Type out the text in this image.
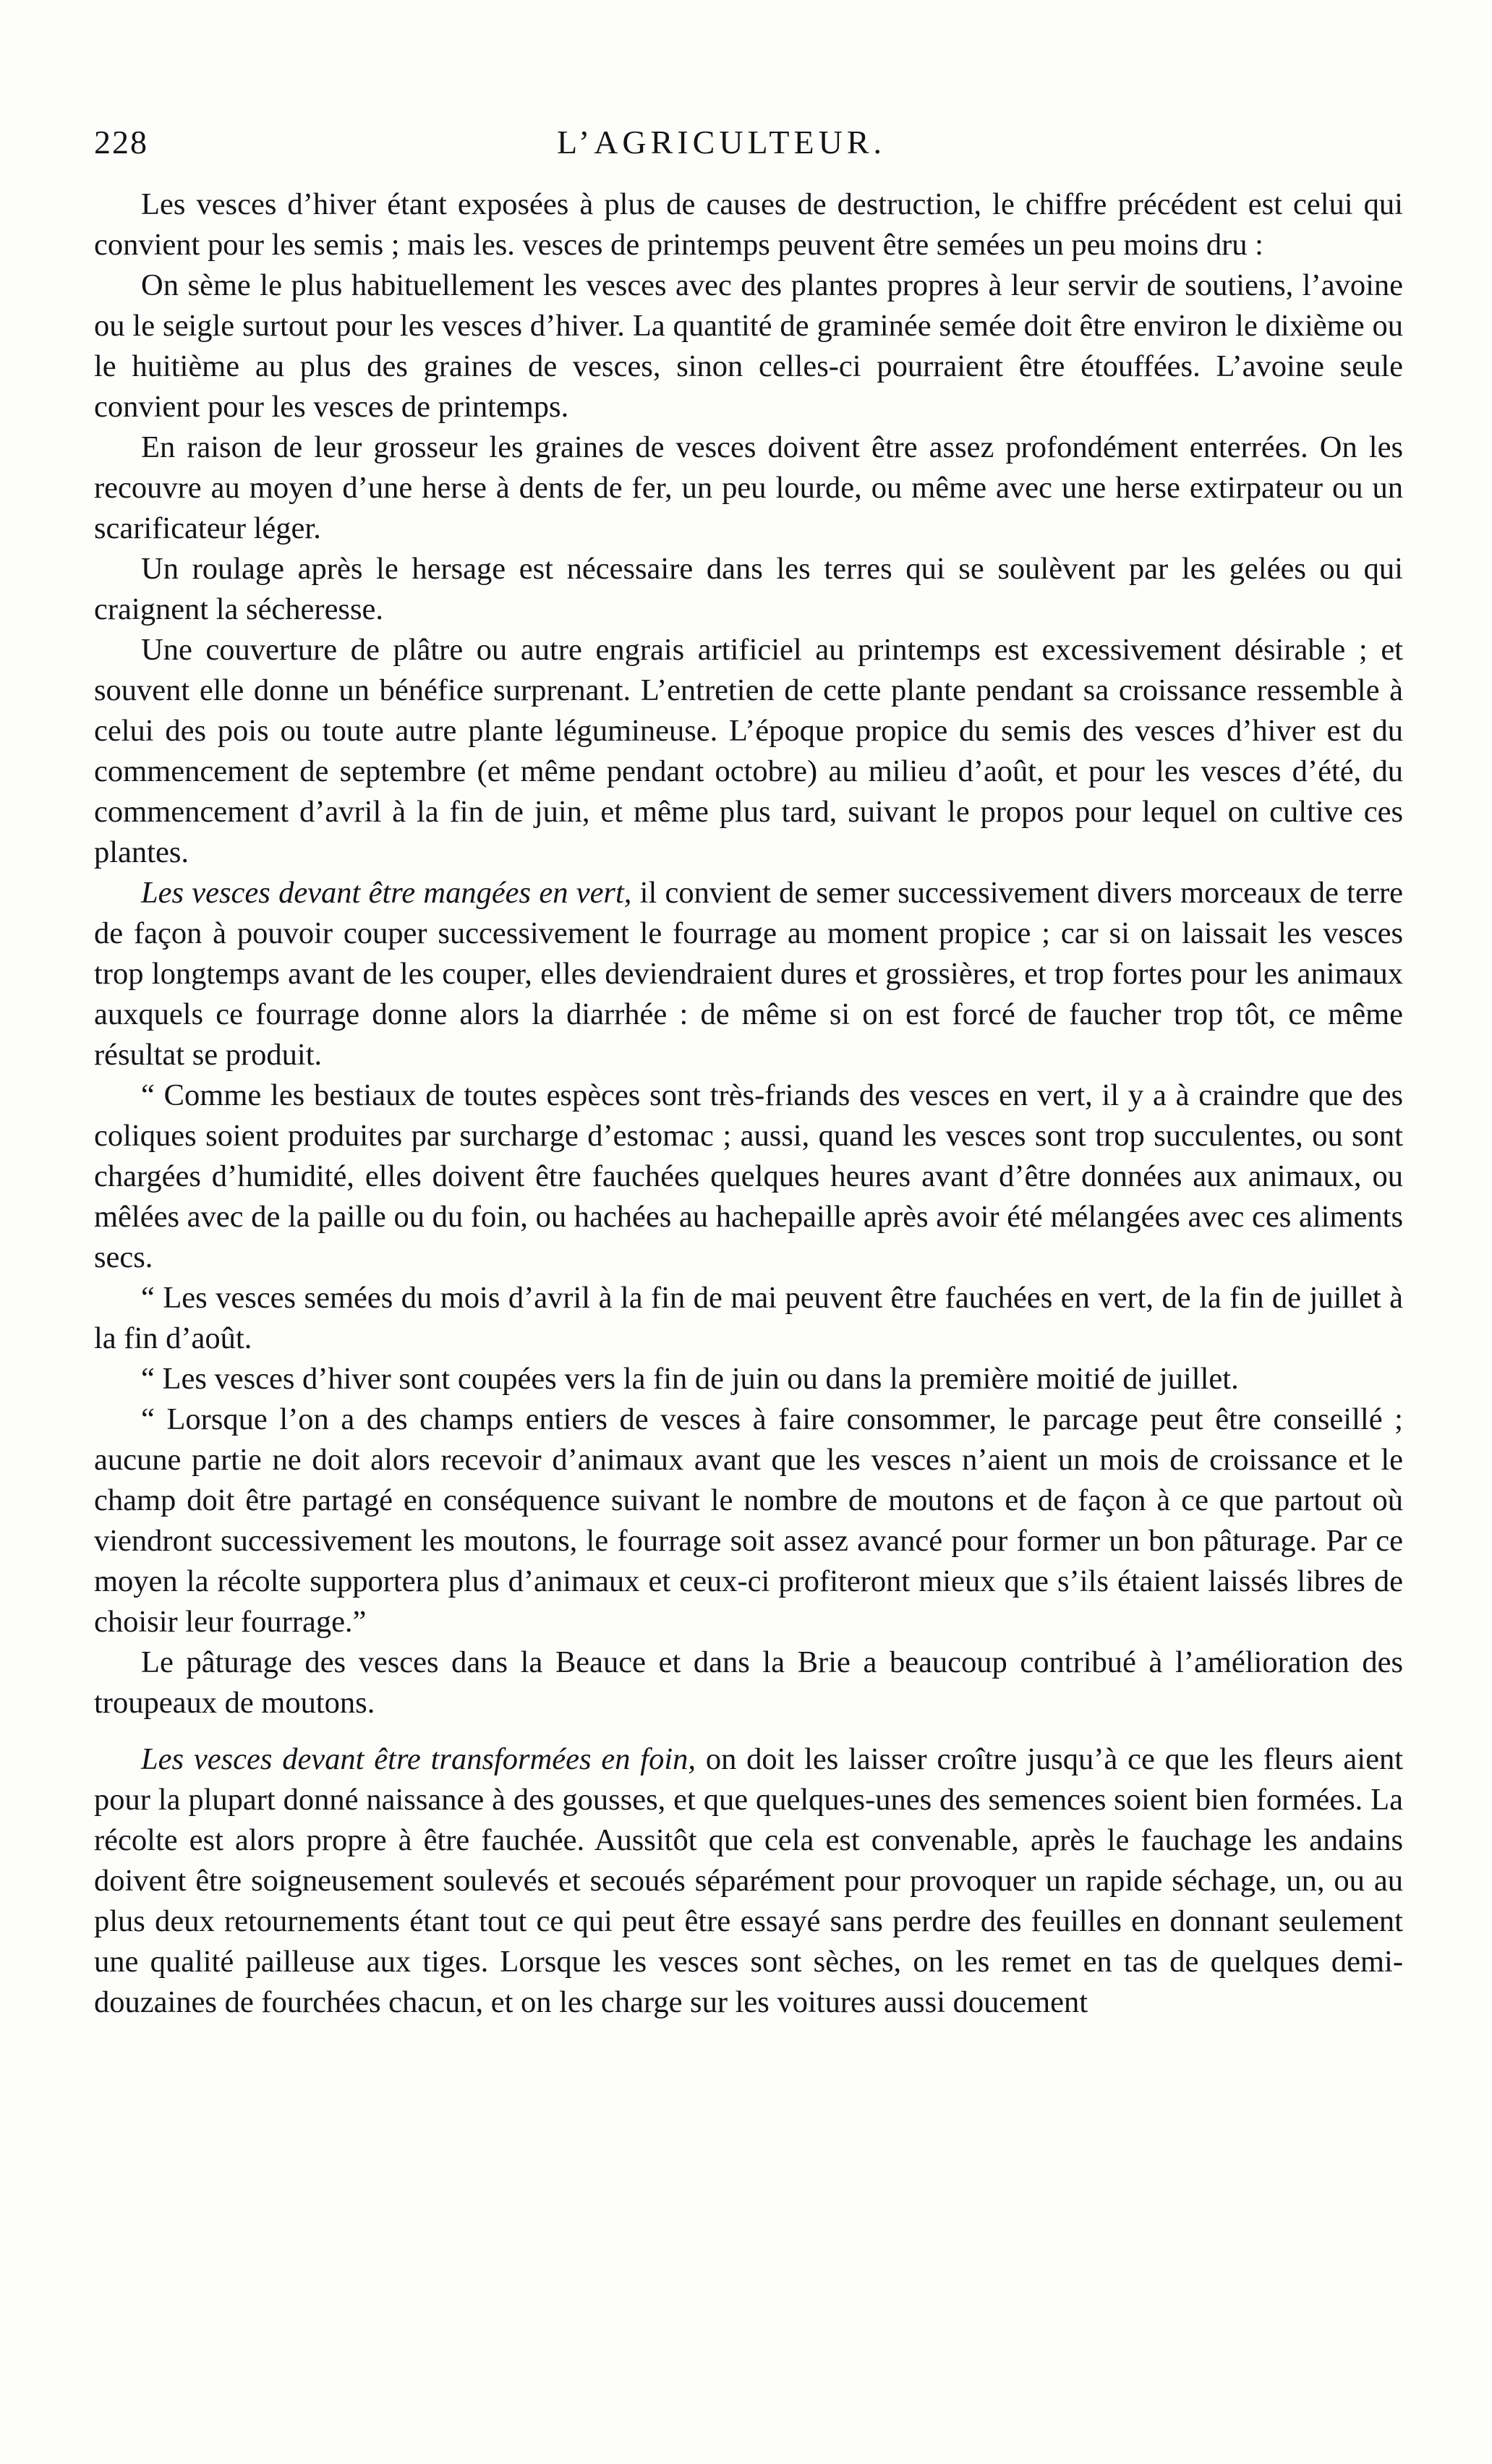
228	L’AGRICULTEUR.

Les vesces d’hiver étant exposées à plus de causes de destruction, le chiffre précédent est celui qui convient pour les semis ; mais les. vesces de printemps peuvent être semées un peu moins dru :

On sème le plus habituellement les vesces avec des plantes propres à leur servir de soutiens, l’avoine ou le seigle surtout pour les vesces d’hiver. La quantité de graminée semée doit être environ le dixième ou le huitième au plus des graines de vesces, sinon celles-ci pourraient être étouffées. L’avoine seule convient pour les vesces de printemps.

En raison de leur grosseur les graines de vesces doivent être assez profondément enterrées. On les recouvre au moyen d’une herse à dents de fer, un peu lourde, ou même avec une herse extirpateur ou un scarificateur léger.

Un roulage après le hersage est nécessaire dans les terres qui se soulèvent par les gelées ou qui craignent la sécheresse.

Une couverture de plâtre ou autre engrais artificiel au printemps est excessivement désirable ; et souvent elle donne un bénéfice surprenant. L’entretien de cette plante pendant sa croissance ressemble à celui des pois ou toute autre plante légumineuse. L’époque propice du semis des vesces d’hiver est du commencement de septembre (et même pendant octobre) au milieu d’août, et pour les vesces d’été, du commencement d’avril à la fin de juin, et même plus tard, suivant le propos pour lequel on cultive ces plantes.

Les vesces devant être mangées en vert, il convient de semer successivement divers morceaux de terre de façon à pouvoir couper successivement le fourrage au moment propice ; car si on laissait les vesces trop longtemps avant de les couper, elles deviendraient dures et grossières, et trop fortes pour les animaux auxquels ce fourrage donne alors la diarrhée : de même si on est forcé de faucher trop tôt, ce même résultat se produit.

“ Comme les bestiaux de toutes espèces sont très-friands des vesces en vert, il y a à craindre que des coliques soient produites par surcharge d’estomac ; aussi, quand les vesces sont trop succulentes, ou sont chargées d’humidité, elles doivent être fauchées quelques heures avant d’être données aux animaux, ou mêlées avec de la paille ou du foin, ou hachées au hachepaille après avoir été mélangées avec ces aliments secs.

“ Les vesces semées du mois d’avril à la fin de mai peuvent être fauchées en vert, de la fin de juillet à la fin d’août.

“ Les vesces d’hiver sont coupées vers la fin de juin ou dans la première moitié de juillet.

“ Lorsque l’on a des champs entiers de vesces à faire consommer, le parcage peut être conseillé ; aucune partie ne doit alors recevoir d’animaux avant que les vesces n’aient un mois de croissance et le champ doit être partagé en conséquence suivant le nombre de moutons et de façon à ce que partout où viendront successivement les moutons, le fourrage soit assez avancé pour former un bon pâturage. Par ce moyen la récolte supportera plus d’animaux et ceux-ci profiteront mieux que s’ils étaient laissés libres de choisir leur fourrage.”

Le pâturage des vesces dans la Beauce et dans la Brie a beaucoup contribué à l’amélioration des troupeaux de moutons.

Les vesces devant être transformées en foin, on doit les laisser croître jusqu’à ce que les fleurs aient pour la plupart donné naissance à des gousses, et que quelques-unes des semences soient bien formées. La récolte est alors propre à être fauchée. Aussitôt que cela est convenable, après le fauchage les andains doivent être soigneusement soulevés et secoués séparément pour provoquer un rapide séchage, un, ou au plus deux retournements étant tout ce qui peut être essayé sans perdre des feuilles en donnant seulement une qualité pailleuse aux tiges. Lorsque les vesces sont sèches, on les remet en tas de quelques demi-douzaines de fourchées chacun, et on les charge sur les voitures aussi doucement
